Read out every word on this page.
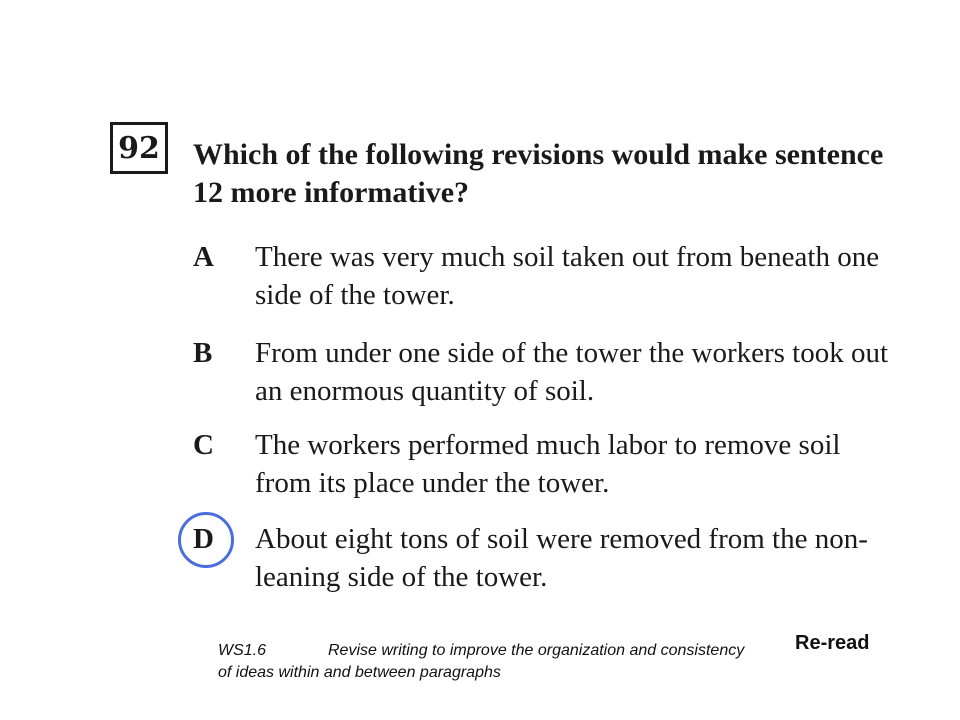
92 Which of the following revisions would make sentence 12 more informative?
A	There was very much soil taken out from beneath one side of the tower.
B	From under one side of the tower the workers took out an enormous quantity of soil.
C	The workers performed much labor to remove soil from its place under the tower.
D	About eight tons of soil were removed from the non-leaning side of the tower.
WS1.6	Revise writing to improve the organization and consistency of ideas within and between paragraphs
Re-read
